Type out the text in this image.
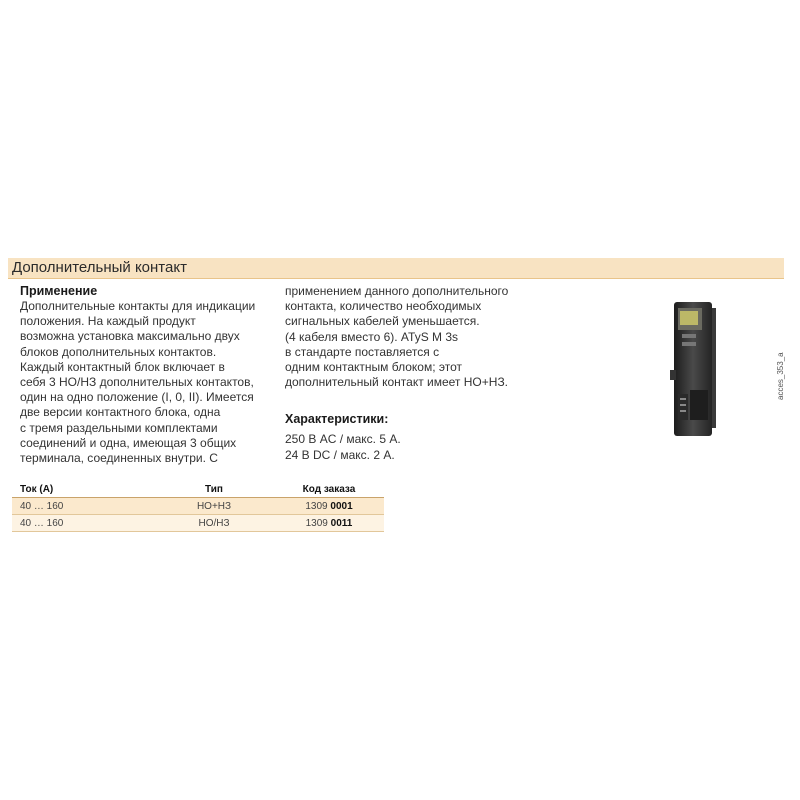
Дополнительный контакт
Применение
Дополнительные контакты для индикации
положения. На каждый продукт
возможна установка максимально двух
блоков дополнительных контактов.
Каждый контактный блок включает в
себя 3 НО/НЗ дополнительных контактов,
один на одно положение (I, 0, II). Имеется
две версии контактного блока, одна
с тремя раздельными комплектами
соединений и одна, имеющая 3 общих
терминала, соединенных внутри. С
применением данного дополнительного
контакта, количество необходимых
сигнальных кабелей уменьшается.
(4 кабеля вместо 6). ATyS M 3s
в стандарте поставляется с
одним контактным блоком; этот
дополнительный контакт имеет НО+НЗ.
Характеристики:
250 В AC / макс. 5 А.
24 В DC / макс. 2 А.
Ток (A)	Тип	Код заказа
40 … 160	НО+НЗ	1309 0001
40 … 160	НО/НЗ	1309 0011
acces_353_a
